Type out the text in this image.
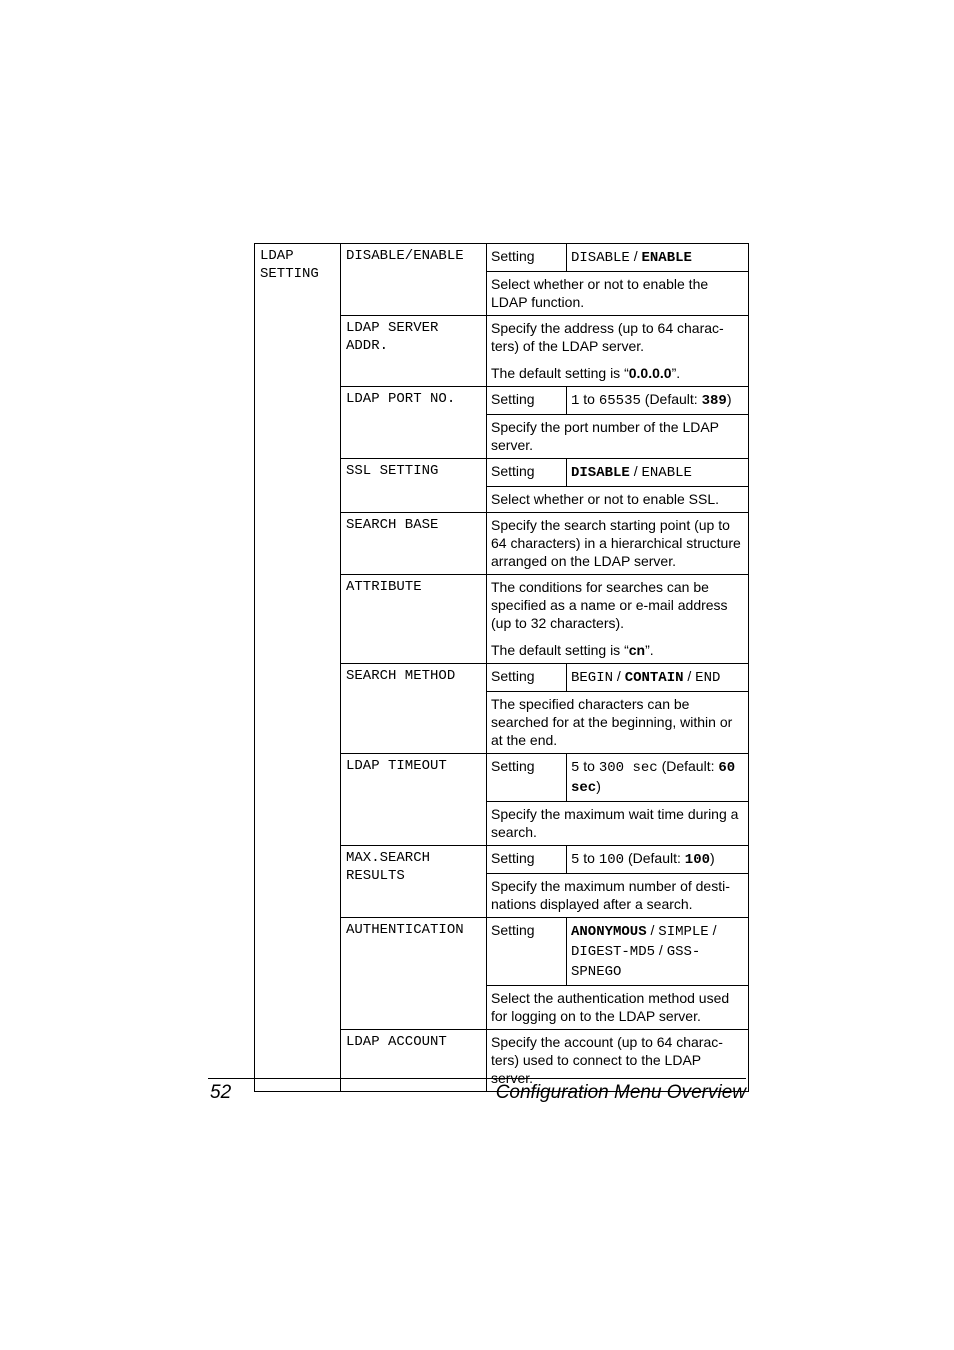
LDAP SETTING	DISABLE/ENABLE	Setting	DISABLE / ENABLE
		Select whether or not to enable the LDAP function.	
	LDAP SERVER ADDR.	Specify the address (up to 64 charac-ters) of the LDAP server.
The default setting is “0.0.0.0”.	

	LDAP PORT NO.	Setting	1 to 65535 (Default: 389)
		Specify the port number of the LDAP server.	
	SSL SETTING	Setting	DISABLE / ENABLE
		Select whether or not to enable SSL.	
	SEARCH BASE	Specify the search starting point (up to 64 characters) in a hierarchical structure arranged on the LDAP server.	
	ATTRIBUTE	The conditions for searches can be specified as a name or e-mail address (up to 32 characters).
The default setting is “cn”.	

	SEARCH METHOD	Setting	BEGIN / CONTAIN / END
		The specified characters can be searched for at the beginning, within or at the end.	
	LDAP TIMEOUT	Setting	5 to 300 sec (Default: 60 sec)
		Specify the maximum wait time during a search.	
	MAX.SEARCH RESULTS	Setting	5 to 100 (Default: 100)
		Specify the maximum number of desti-nations displayed after a search.	
	AUTHENTICATION	Setting	ANONYMOUS / SIMPLE / DIGEST-MD5 / GSS-SPNEGO
		Select the authentication method used for logging on to the LDAP server.	
	LDAP ACCOUNT	Specify the account (up to 64 charac-ters) used to connect to the LDAP server.	
52	Configuration Menu Overview
